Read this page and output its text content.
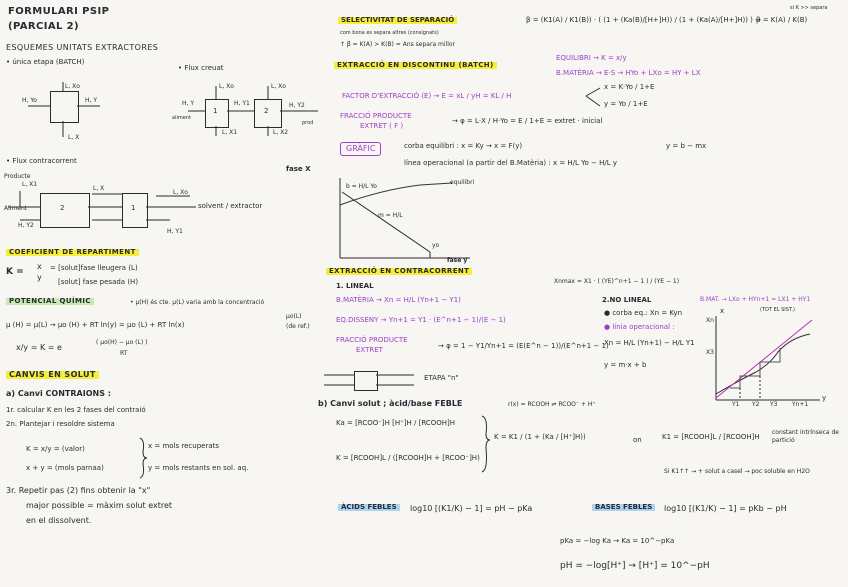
FORMULARI PSIP
(PARCIAL 2)
ESQUEMES UNITATS EXTRACTORES
• única etapa (BATCH)
• Flux creuat
L, Xo
H, Yo	H, Y
L, X
1	2
L, Xo	L, Xo
H, Y	H, Y1	H, Y2
L, X1	L, X2
aliment
prod
• Flux contracorrent
2	1
Producte
L, X1
L, X
L, Xo
Aliment
H, Y2
H, Y1
solvent / extractor
fase X
COEFICIENT DE REPARTIMENT
K =
x
y
= [solut]fase lleugera (L)
[solut] fase pesada (H)
POTENCIAL QUÍMIC	• μ(H) és cte. μ(L) varia amb la concentració
μ (H) = μ(L) → μo (H) + RT ln(y) = μo (L) + RT ln(x)
μo(L)
(de ref.)
x/y = K = e
( μo(H) − μo (L) )
RT
CANVIS EN SOLUT
a) Canvi CONTRAIONS :
1r. calcular K en les 2 fases del contraió
2n. Plantejar i resoldre sistema
K = x/y = (valor)
x + y = (mols parnaa)
x = mols recuperats
y = mols restants en sol. aq.
3r. Repetir pas (2) fins obtenir la "x"
major possible = màxim solut extret
en el dissolvent.
SELECTIVITAT DE SEPARACIÓ
com bona es separa altres (consignats)
↑ β = K(A) > K(B) = Ans separa millor
β = (K1(A) / K1(B)) · ( (1 + (Ka(B)/[H+]H)) / (1 + (Ka(A)/[H+]H)) ) ⇒
β = K(A) / K(B)
si K >> separa
EXTRACCIÓ EN DISCONTINU (BATCH)
EQUILIBRI → K = x/y
B.MATÈRIA → E·S → HYo + LXo = HY + LX
FACTOR D'EXTRACCIÓ (E) → E = xL / yH = KL / H
x = K·Yo / 1+E
y = Yo / 1+E
FRACCIÓ PRODUCTE
EXTRET ( F )
→ φ = L·X / H·Yo = E / 1+E = extret · inicial
GRÀFIC	corba equilibri : x = Ky → x = F(y)
línea operacional (a partir del B.Matèria) : x = H/L Yo − H/L y
y = b − mx
b = H/L Yo
m = H/L
equilibri
yo
fase y
EXTRACCIÓ EN CONTRACORRENT
1. LINEAL
B.MATÈRIA → Xn = H/L (Yn+1 − Y1)
EQ.DISSENY → Yn+1 = Y1 · (E^n+1 − 1)/(E − 1)
FRACCIÓ PRODUCTE
EXTRET	→ φ = 1 − Y1/Yn+1 = (E(E^n − 1))/(E^n+1 − 1)
Xnmax = X1 · ( (YE)^n+1 − 1 ) / (YE − 1)
ETAPA "n"
2.NO LINEAL	B.MAT. → LXo + HYn+1 = LX1 + HY1
(TOT EL SIST.)
● corba eq.: Xn = Kyn
● línia operacional :
Xn = H/L (Yn+1) − H/L Y1
y = m·x + b
Xn
X3
Y1 Y2 Y3 Yn+1
y
x
b) Canvi solut ; àcid/base FEBLE	r(x) = RCOOH ⇌ RCOO⁻ + H⁺
Ka = [RCOO⁻]H [H⁺]H / [RCOOH]H
K = [RCOOH]L / ([RCOOH]H + [RCOO⁻]H)
K = K1 / (1 + (Ka / [H⁺]H))	on	K1 = [RCOOH]L / [RCOOH]H
constant intrínseca de partició
Si K1↑↑ → + solut a casel → poc soluble en H2O
ÀCIDS FEBLES	log10 [(K1/K) − 1] = pH − pKa	BASES FEBLES	log10 [(K1/K) − 1] = pKb − pH
pKa = −log Ka → Ka = 10^−pKa
pH = −log[H⁺] → [H⁺] = 10^−pH
